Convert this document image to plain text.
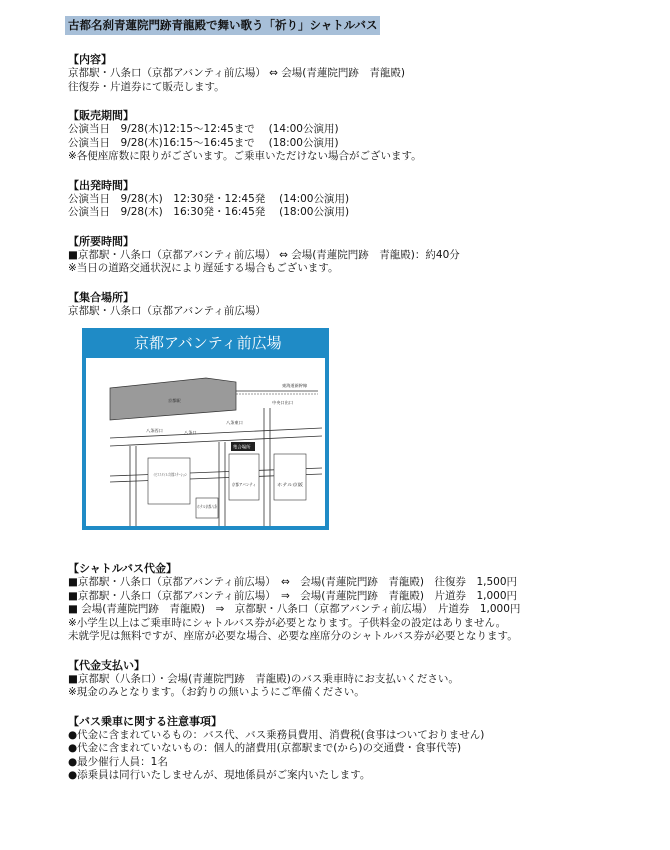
古都名刹青蓮院門跡青龍殿で舞い歌う「祈り」シャトルバス
【内容】
京都駅・八条口（京都アバンティ前広場） ⇔ 会場(青蓮院門跡　青龍殿)
往復券・片道券にて販売します。
【販売期間】
公演当日　9/28(木)12:15～12:45まで　 (14:00公演用)
公演当日　9/28(木)16:15～16:45まで　 (18:00公演用)
※各便座席数に限りがございます。ご乗車いただけない場合がございます。
【出発時間】
公演当日　9/28(木)　12:30発・12:45発　 (14:00公演用)
公演当日　9/28(木)　16:30発・16:45発　 (18:00公演用)
【所要時間】
■京都駅・八条口（京都アバンティ前広場） ⇔ 会場(青蓮院門跡　青龍殿)：約40分
※当日の道路交通状況により遅延する場合もございます。
【集合場所】
京都駅・八条口（京都アバンティ前広場）
京都アバンティ前広場
京都駅
東海道新幹線
イビススタイルズ京都ステーション
京都アバンティ	ホテル京阪
ホテル京都八条
集合場所
八条西口	八条口
八条東口
中央口出口
【シャトルバス代金】
■京都駅・八条口（京都アバンティ前広場）　⇔　会場(青蓮院門跡　青龍殿)　往復券　1,500円
■京都駅・八条口（京都アバンティ前広場）　⇒　会場(青蓮院門跡　青龍殿)　片道券　1,000円
■ 会場(青蓮院門跡　青龍殿)　⇒　京都駅・八条口（京都アバンティ前広場）　片道券　1,000円
※小学生以上はご乗車時にシャトルバス券が必要となります。子供料金の設定はありません。
未就学児は無料ですが、座席が必要な場合、必要な座席分のシャトルバス券が必要となります。
【代金支払い】
■京都駅（八条口）・会場(青蓮院門跡　青龍殿)のバス乗車時にお支払いください。
※現金のみとなります。（お釣りの無いようにご準備ください。
【バス乗車に関する注意事項】
●代金に含まれているもの：バス代、バス乗務員費用、消費税(食事はついておりません)
●代金に含まれていないもの：個人的諸費用(京都駅まで(から)の交通費・食事代等)
●最少催行人員：1名
●添乗員は同行いたしませんが、現地係員がご案内いたします。
